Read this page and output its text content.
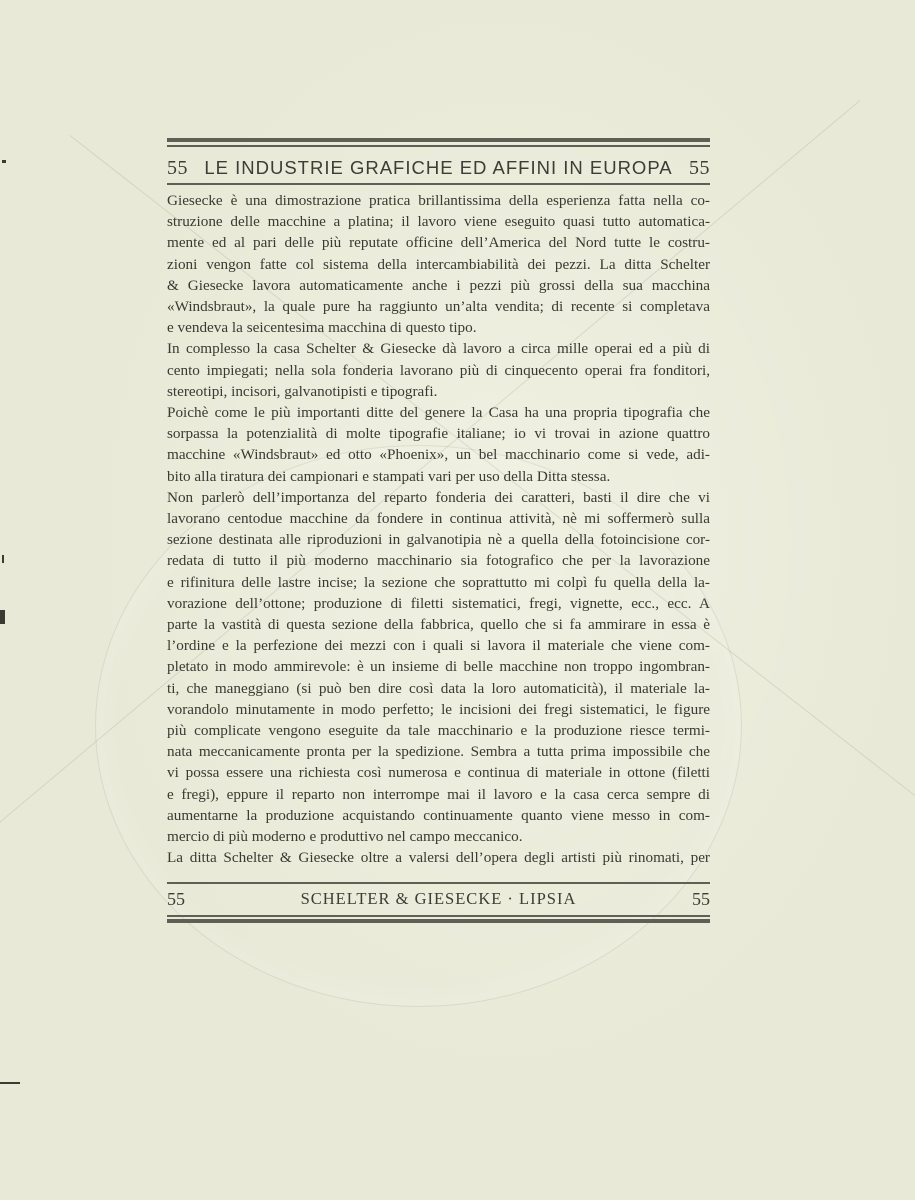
55 LE INDUSTRIE GRAFICHE ED AFFINI IN EUROPA 55
Giesecke è una dimostrazione pratica brillantissima della esperienza fatta nella co-
struzione delle macchine a platina; il lavoro viene eseguito quasi tutto automatica-
mente ed al pari delle più reputate officine dell’America del Nord tutte le costru-
zioni vengon fatte col sistema della intercambiabilità dei pezzi. La ditta Schelter
& Giesecke lavora automaticamente anche i pezzi più grossi della sua macchina
«Windsbraut», la quale pure ha raggiunto un’alta vendita; di recente si completava
e vendeva la seicentesima macchina di questo tipo.
In complesso la casa Schelter & Giesecke dà lavoro a circa mille operai ed a più di
cento impiegati; nella sola fonderia lavorano più di cinquecento operai fra fonditori,
stereotipi, incisori, galvanotipisti e tipografi.
Poichè come le più importanti ditte del genere la Casa ha una propria tipografia che
sorpassa la potenzialità di molte tipografie italiane; io vi trovai in azione quattro
macchine «Windsbraut» ed otto «Phoenix», un bel macchinario come si vede, adi-
bito alla tiratura dei campionari e stampati vari per uso della Ditta stessa.
Non parlerò dell’importanza del reparto fonderia dei caratteri, basti il dire che vi
lavorano centodue macchine da fondere in continua attività, nè mi soffermerò sulla
sezione destinata alle riproduzioni in galvanotipia nè a quella della fotoincisione cor-
redata di tutto il più moderno macchinario sia fotografico che per la lavorazione
e rifinitura delle lastre incise; la sezione che soprattutto mi colpì fu quella della la-
vorazione dell’ottone; produzione di filetti sistematici, fregi, vignette, ecc., ecc. A
parte la vastità di questa sezione della fabbrica, quello che si fa ammirare in essa è
l’ordine e la perfezione dei mezzi con i quali si lavora il materiale che viene com-
pletato in modo ammirevole: è un insieme di belle macchine non troppo ingombran-
ti, che maneggiano (si può ben dire così data la loro automaticità), il materiale la-
vorandolo minutamente in modo perfetto; le incisioni dei fregi sistematici, le figure
più complicate vengono eseguite da tale macchinario e la produzione riesce termi-
nata meccanicamente pronta per la spedizione. Sembra a tutta prima impossibile che
vi possa essere una richiesta così numerosa e continua di materiale in ottone (filetti
e fregi), eppure il reparto non interrompe mai il lavoro e la casa cerca sempre di
aumentarne la produzione acquistando continuamente quanto viene messo in com-
mercio di più moderno e produttivo nel campo meccanico.
La ditta Schelter & Giesecke oltre a valersi dell’opera degli artisti più rinomati, per
55	SCHELTER & GIESECKE · LIPSIA	55
